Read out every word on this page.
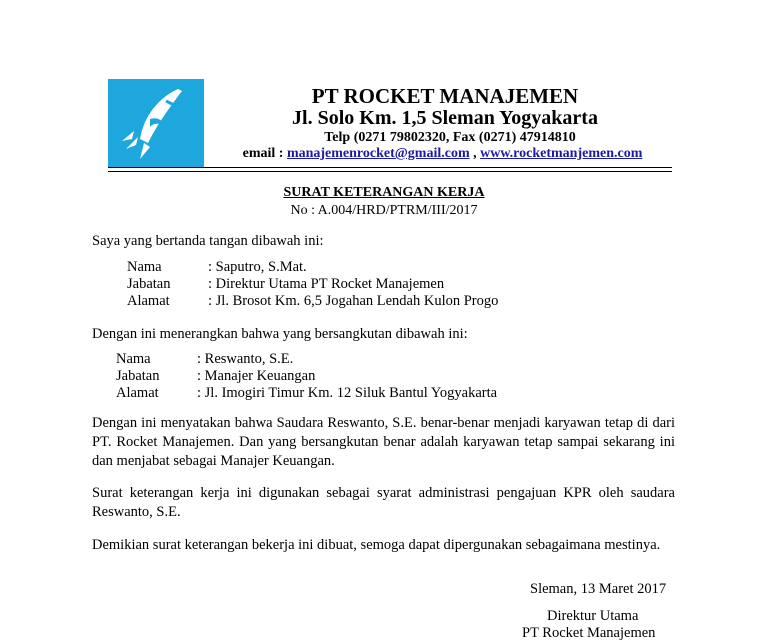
PT ROCKET MANAJEMEN
Jl. Solo Km. 1,5 Sleman Yogyakarta
Telp (0271 79802320, Fax (0271) 47914810
email : manajemenrocket@gmail.com , www.rocketmanjemen.com
SURAT KETERANGAN KERJA
No : A.004/HRD/PTRM/III/2017
Saya yang bertanda tangan dibawah ini:
Nama	: Saputro, S.Mat.
Jabatan	: Direktur Utama PT Rocket Manajemen
Alamat	: Jl. Brosot Km. 6,5 Jogahan Lendah Kulon Progo
Dengan ini menerangkan bahwa yang bersangkutan dibawah ini:
Nama	: Reswanto, S.E.
Jabatan	: Manajer Keuangan
Alamat	: Jl. Imogiri Timur Km. 12 Siluk Bantul Yogyakarta
Dengan ini menyatakan bahwa Saudara Reswanto, S.E. benar-benar menjadi karyawan tetap di dari PT. Rocket Manajemen. Dan yang bersangkutan benar adalah karyawan tetap sampai sekarang ini dan menjabat sebagai Manajer Keuangan.
Surat keterangan kerja ini digunakan sebagai syarat administrasi pengajuan KPR oleh saudara Reswanto, S.E.
Demikian surat keterangan bekerja ini dibuat, semoga dapat dipergunakan sebagaimana mestinya.
Sleman, 13 Maret 2017
Direktur Utama
PT Rocket Manajemen
